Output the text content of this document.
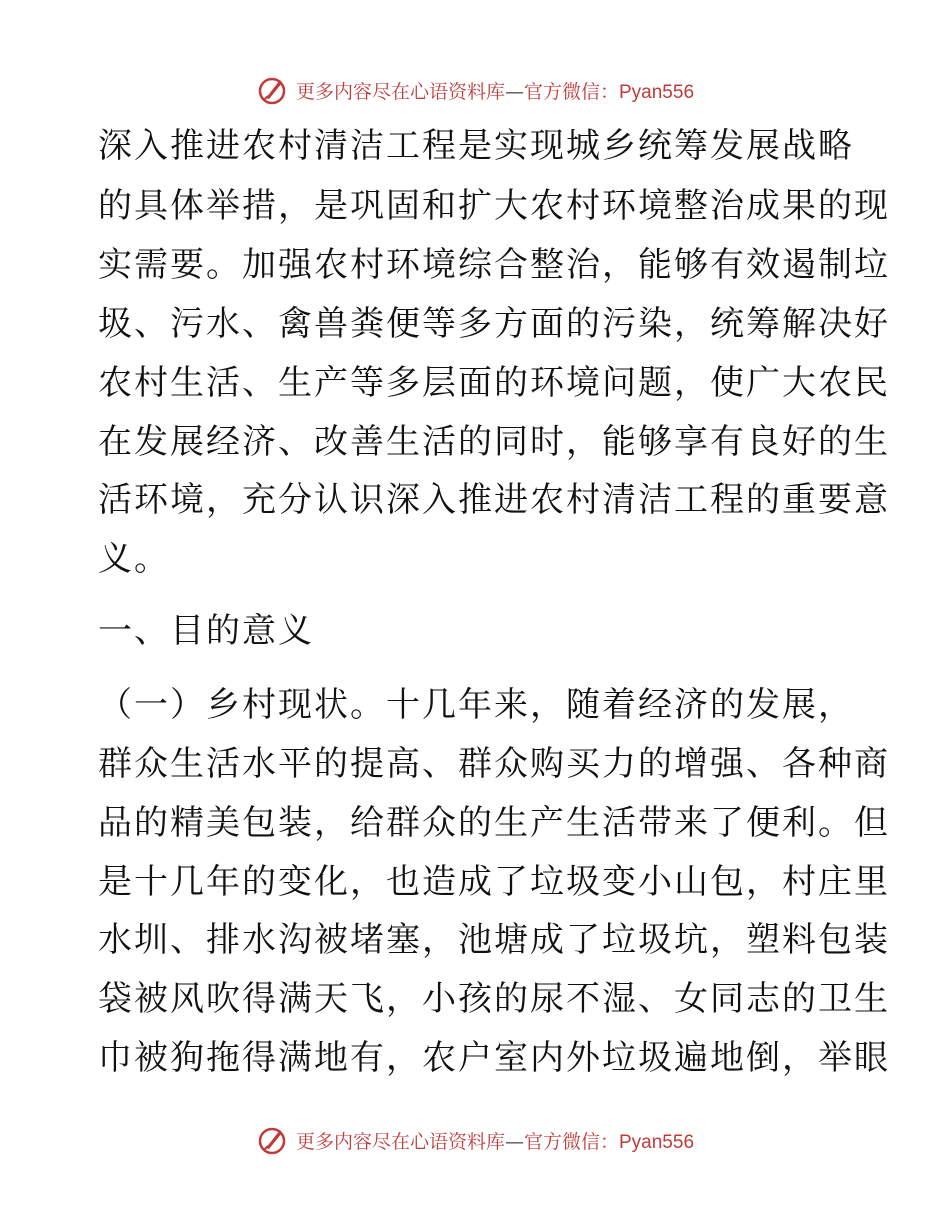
更多内容尽在心语资料库—官方微信：Pyan556
深入推进农村清洁工程是实现城乡统筹发展战略
的具体举措，是巩固和扩大农村环境整治成果的现
实需要。加强农村环境综合整治，能够有效遏制垃
圾、污水、禽兽粪便等多方面的污染，统筹解决好
农村生活、生产等多层面的环境问题，使广大农民
在发展经济、改善生活的同时，能够享有良好的生
活环境，充分认识深入推进农村清洁工程的重要意
义。
一、目的意义
（一）乡村现状。十几年来，随着经济的发展，
群众生活水平的提高、群众购买力的增强、各种商
品的精美包装，给群众的生产生活带来了便利。但
是十几年的变化，也造成了垃圾变小山包，村庄里
水圳、排水沟被堵塞，池塘成了垃圾坑，塑料包装
袋被风吹得满天飞，小孩的尿不湿、女同志的卫生
巾被狗拖得满地有，农户室内外垃圾遍地倒，举眼
更多内容尽在心语资料库—官方微信：Pyan556
